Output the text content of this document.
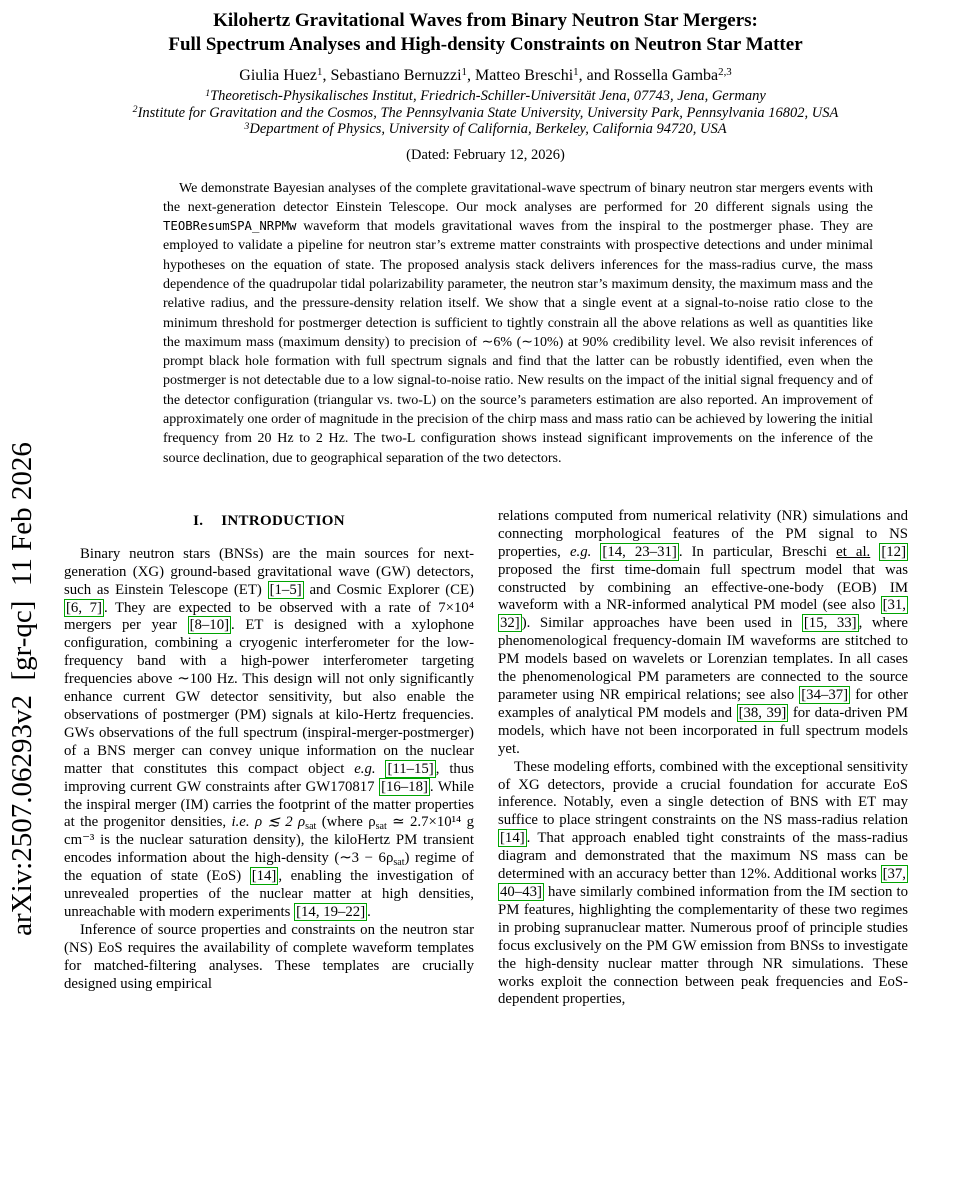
arXiv:2507.06293v2  [gr-qc]  11 Feb 2026
Kilohertz Gravitational Waves from Binary Neutron Star Mergers:
Full Spectrum Analyses and High-density Constraints on Neutron Star Matter
Giulia Huez$^1$, Sebastiano Bernuzzi$^1$, Matteo Breschi$^1$, and Rossella Gamba$^{2,3}$
$^1$Theoretisch-Physikalisches Institut, Friedrich-Schiller-Universität Jena, 07743, Jena, Germany
$^2$Institute for Gravitation and the Cosmos, The Pennsylvania State University, University Park, Pennsylvania 16802, USA
$^3$Department of Physics, University of California, Berkeley, California 94720, USA
(Dated: February 12, 2026)

We demonstrate Bayesian analyses of the complete gravitational-wave spectrum of binary neutron star mergers events with the next-generation detector Einstein Telescope. Our mock analyses are performed for 20 different signals using the TEOBResumSPA_NRPMw waveform that models gravitational waves from the inspiral to the postmerger phase. They are employed to validate a pipeline for neutron star’s extreme matter constraints with prospective detections and under minimal hypotheses on the equation of state. The proposed analysis stack delivers inferences for the mass-radius curve, the mass dependence of the quadrupolar tidal polarizability parameter, the neutron star’s maximum density, the maximum mass and the relative radius, and the pressure-density relation itself. We show that a single event at a signal-to-noise ratio close to the minimum threshold for postmerger detection is sufficient to tightly constrain all the above relations as well as quantities like the maximum mass (maximum density) to precision of ∼6% (∼10%) at 90% credibility level. We also revisit inferences of prompt black hole formation with full spectrum signals and find that the latter can be robustly identified, even when the postmerger is not detectable due to a low signal-to-noise ratio. New results on the impact of the initial signal frequency and of the detector configuration (triangular vs. two-L) on the source’s parameters estimation are also reported. An improvement of approximately one order of magnitude in the precision of the chirp mass and mass ratio can be achieved by lowering the initial frequency from 20 Hz to 2 Hz. The two-L configuration shows instead significant improvements on the inference of the source declination, due to geographical separation of the two detectors.

I. INTRODUCTION

Binary neutron stars (BNSs) are the main sources for next-generation (XG) ground-based gravitational wave (GW) detectors, such as Einstein Telescope (ET) [1–5] and Cosmic Explorer (CE) [6, 7] . They are expected to be observed with a rate of 7×10⁴ mergers per year [8–10] . ET is designed with a xylophone configuration, combining a cryogenic interferometer for the low-frequency band with a high-power interferometer targeting frequencies above ∼100 Hz. This design will not only significantly enhance current GW detector sensitivity, but also enable the observations of postmerger (PM) signals at kilo-Hertz frequencies. GWs observations of the full spectrum (inspiral-merger-postmerger) of a BNS merger can convey unique information on the nuclear matter that constitutes this compact object e.g. [11–15] , thus improving current GW constraints after GW170817 [16–18] . While the inspiral merger (IM) carries the footprint of the matter properties at the progenitor densities, i.e. ρ ≲ 2 $\rho_{sat}$ (where $\rho_{sat}$ ≃ 2.7×10¹⁴ g cm⁻³ is the nuclear saturation density), the kiloHertz PM transient encodes information about the high-density (∼3 − $6\rho_{sat}$) regime of the equation of state (EoS) [14] , enabling the investigation of unrevealed properties of the nuclear matter at high densities, unreachable with modern experiments [14, 19–22] .

Inference of source properties and constraints on the neutron star (NS) EoS requires the availability of complete waveform templates for matched-filtering analyses. These templates are crucially designed using empirical

relations computed from numerical relativity (NR) simulations and connecting morphological features of the PM signal to NS properties, e.g. [14, 23–31] . In particular, Breschi et al. [12] proposed the first time-domain full spectrum model that was constructed by combining an effective-one-body (EOB) IM waveform with a NR-informed analytical PM model (see also [31, 32] ). Similar approaches have been used in [15, 33] , where phenomenological frequency-domain IM waveforms are stitched to PM models based on wavelets or Lorenzian templates. In all cases the phenomenological PM parameters are connected to the source parameter using NR empirical relations; see also [34–37] for other examples of analytical PM models and [38, 39] for data-driven PM models, which have not been incorporated in full spectrum models yet.

These modeling efforts, combined with the exceptional sensitivity of XG detectors, provide a crucial foundation for accurate EoS inference. Notably, even a single detection of BNS with ET may suffice to place stringent constraints on the NS mass-radius relation [14] . That approach enabled tight constraints of the mass-radius diagram and demonstrated that the maximum NS mass can be determined with an accuracy better than 12%. Additional works [37, 40–43] have similarly combined information from the IM section to PM features, highlighting the complementarity of these two regimes in probing supranuclear matter. Numerous proof of principle studies focus exclusively on the PM GW emission from BNSs to investigate the high-density nuclear matter through NR simulations. These works exploit the connection between peak frequencies and EoS-dependent properties,
